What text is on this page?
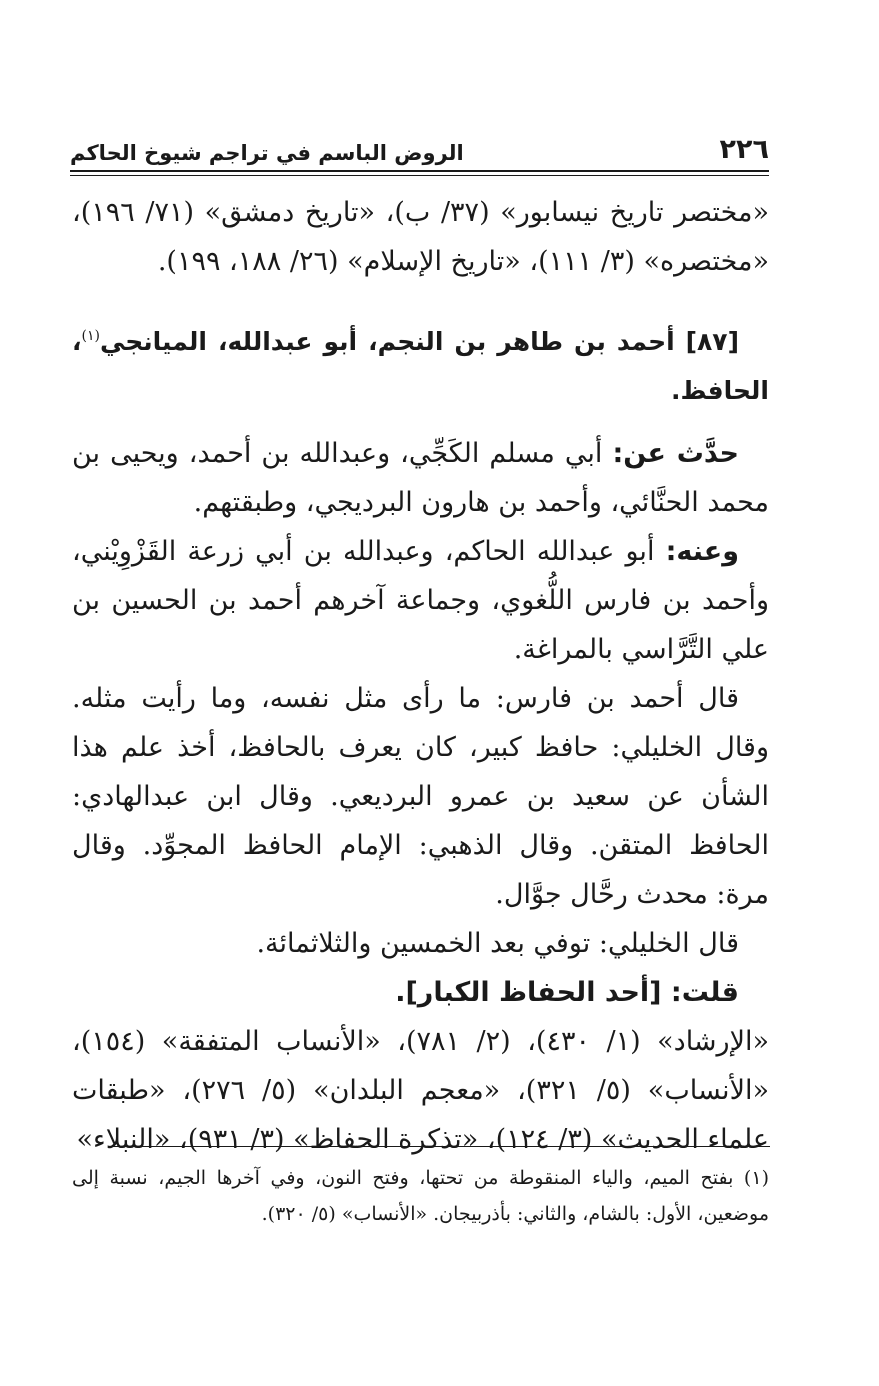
٢٢٦
الروض الباسم في تراجم شيوخ الحاكم

«مختصر تاريخ نيسابور» (٣٧/ ب)، «تاريخ دمشق» (٧١/ ١٩٦)، «مختصره» (٣/ ١١١)، «تاريخ الإسلام» (٢٦/ ١٨٨، ١٩٩).

[٨٧] أحمد بن طاهر بن النجم، أبو عبدالله، الميانجي$^{(١)}$، الحافظ.

حدَّث عن: أبي مسلم الكَجِّي، وعبدالله بن أحمد، ويحيى بن محمد الحنَّائي، وأحمد بن هارون البرديجي، وطبقتهم.

وعنه: أبو عبدالله الحاكم، وعبدالله بن أبي زرعة القَزْوِيْني، وأحمد بن فارس اللُّغوي، وجماعة آخرهم أحمد بن الحسين بن علي التَّرَّاسي بالمراغة.

قال أحمد بن فارس: ما رأى مثل نفسه، وما رأيت مثله. وقال الخليلي: حافظ كبير، كان يعرف بالحافظ، أخذ علم هذا الشأن عن سعيد بن عمرو البرديعي. وقال ابن عبدالهادي: الحافظ المتقن. وقال الذهبي: الإمام الحافظ المجوِّد. وقال مرة: محدث رحَّال جوَّال.

قال الخليلي: توفي بعد الخمسين والثلاثمائة.

قلت: [أحد الحفاظ الكبار].

«الإرشاد» (١/ ٤٣٠)، (٢/ ٧٨١)، «الأنساب المتفقة» (١٥٤)، «الأنساب» (٥/ ٣٢١)، «معجم البلدان» (٥/ ٢٧٦)، «طبقات علماء الحديث» (٣/ ١٢٤)، «تذكرة الحفاظ» (٣/ ٩٣١)، «النبلاء»

(١) بفتح الميم، والياء المنقوطة من تحتها، وفتح النون، وفي آخرها الجيم، نسبة إلى موضعين، الأول: بالشام، والثاني: بأذربيجان. «الأنساب» (٥/ ٣٢٠).
